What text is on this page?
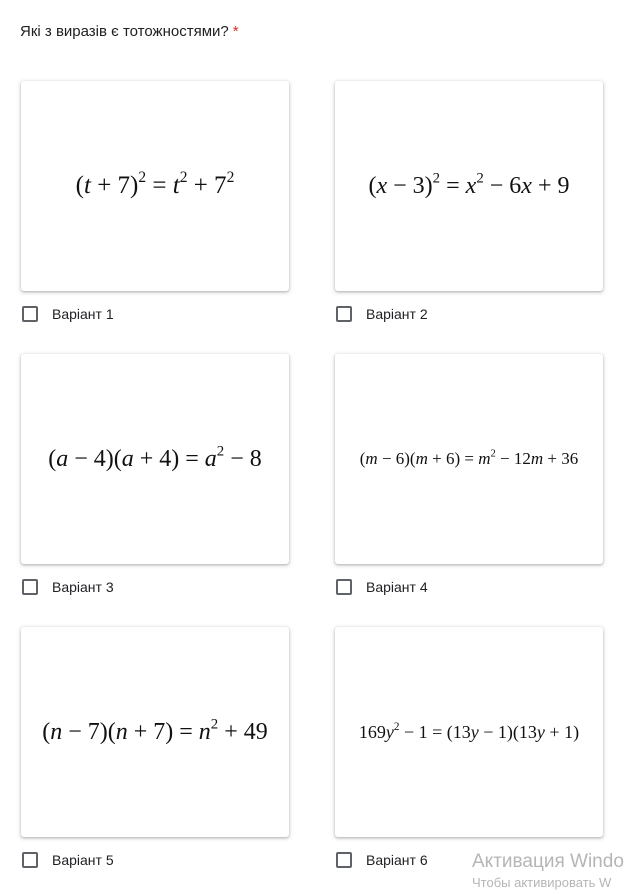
Які з виразів є тотожностями? *
$(t + 7)^2 = t^2 + 7^2$
Варіант 1
$(x - 3)^2 = x^2 - 6x + 9$
Варіант 2
$(a - 4)(a + 4) = a^2 - 8$
Варіант 3
$(m - 6)(m + 6) = m^2 - 12m + 36$
Варіант 4
$(n - 7)(n + 7) = n^2 + 49$
Варіант 5
$169y^2 - 1 = (13y - 1)(13y + 1)$
Варіант 6 Активация Windo
Чтобы активировать W
